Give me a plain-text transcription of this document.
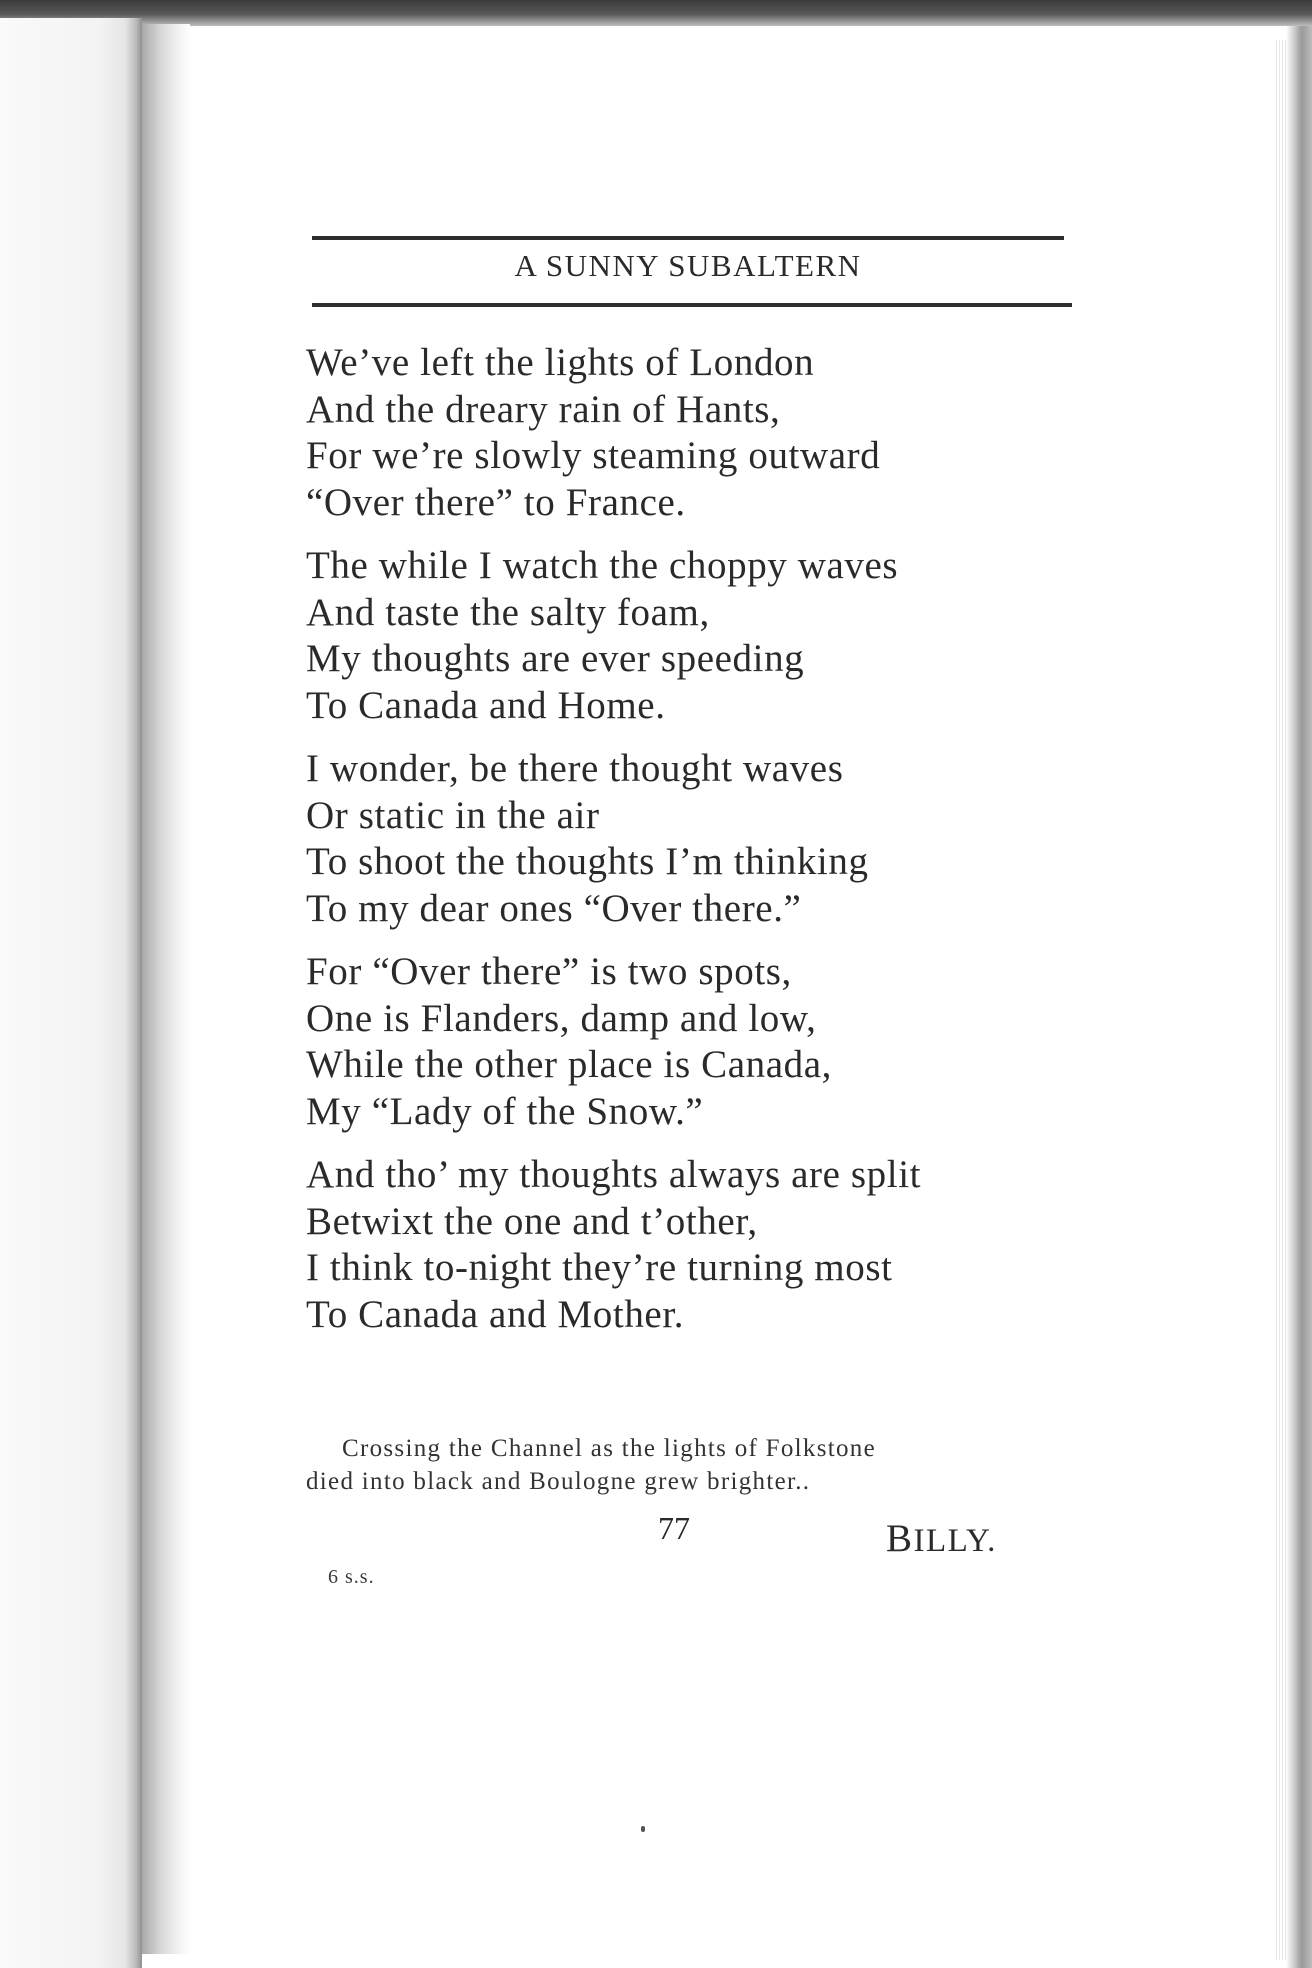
A SUNNY SUBALTERN
We’ve left the lights of London
And the dreary rain of Hants,
For we’re slowly steaming outward
“Over there” to France.
The while I watch the choppy waves
And taste the salty foam,
My thoughts are ever speeding
To Canada and Home.
I wonder, be there thought waves
Or static in the air
To shoot the thoughts I’m thinking
To my dear ones “Over there.”
For “Over there” is two spots,
One is Flanders, damp and low,
While the other place is Canada,
My “Lady of the Snow.”
And tho’ my thoughts always are split
Betwixt the one and t’other,
I think to-night they’re turning most
To Canada and Mother.
Crossing the Channel as the lights of Folkstone
died into black and Boulogne grew brighter..
77	BILLY.
6 s.s.
